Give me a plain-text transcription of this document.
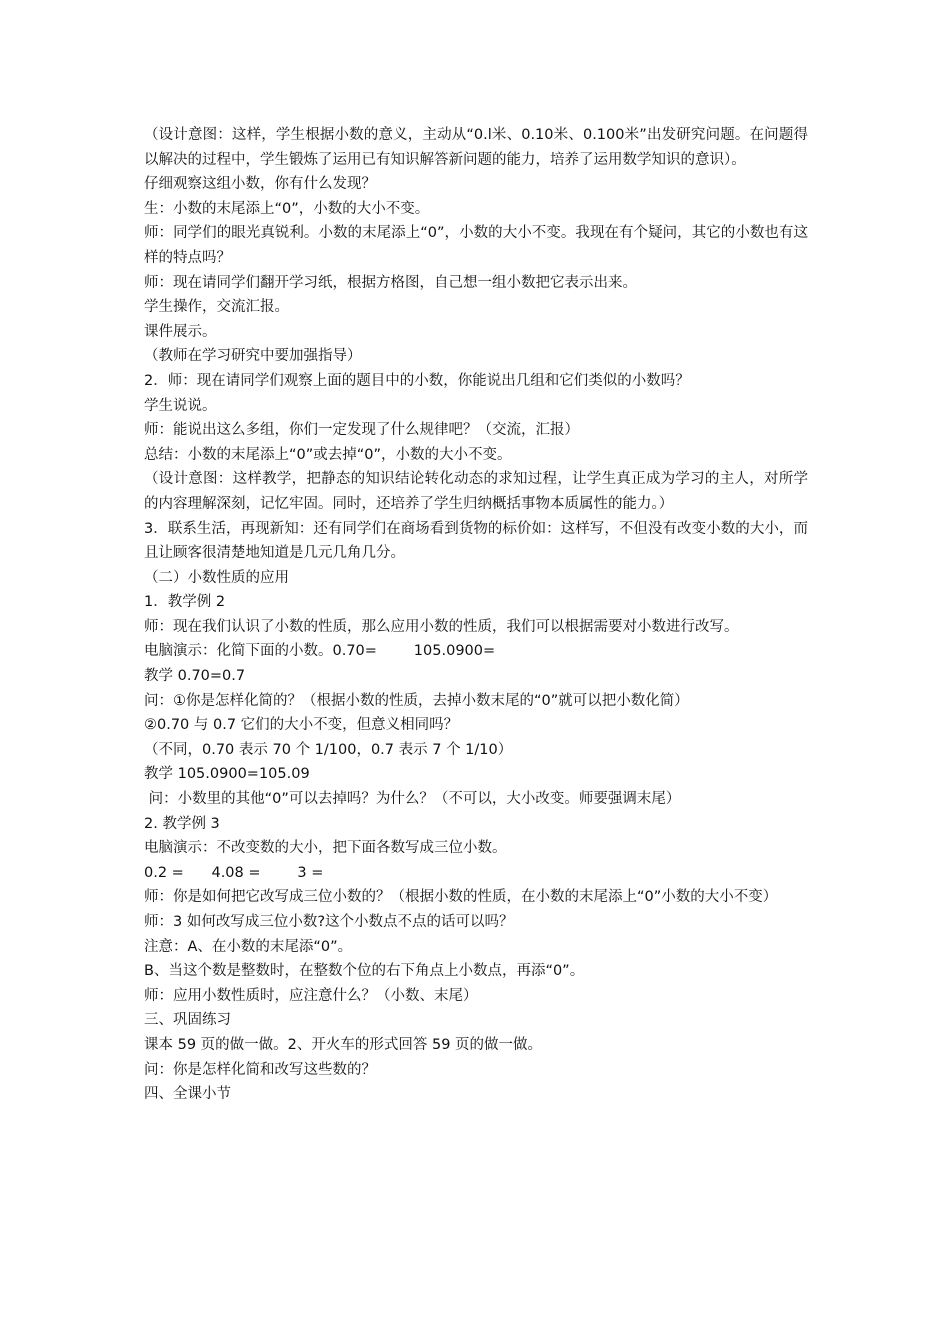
（设计意图：这样，学生根据小数的意义，主动从“0.l米、0.10米、0.100米”出发研究问题。在问题得以解决的过程中，学生锻炼了运用已有知识解答新问题的能力，培养了运用数学知识的意识）。

仔细观察这组小数，你有什么发现？

生：小数的末尾添上“0”，小数的大小不变。

师：同学们的眼光真锐利。小数的末尾添上“0”，小数的大小不变。我现在有个疑问，其它的小数也有这样的特点吗？

师：现在请同学们翻开学习纸，根据方格图，自己想一组小数把它表示出来。

学生操作，交流汇报。

课件展示。

（教师在学习研究中要加强指导）

2．师：现在请同学们观察上面的题目中的小数，你能说出几组和它们类似的小数吗？

学生说说。

师：能说出这么多组，你们一定发现了什么规律吧？（交流，汇报）

总结：小数的末尾添上“0”或去掉“0”，小数的大小不变。

（设计意图：这样教学，把静态的知识结论转化动态的求知过程，让学生真正成为学习的主人，对所学的内容理解深刻，记忆牢固。同时，还培养了学生归纳概括事物本质属性的能力。）

3．联系生活，再现新知：还有同学们在商场看到货物的标价如：这样写，不但没有改变小数的大小，而且让顾客很清楚地知道是几元几角几分。

（二）小数性质的应用

1．教学例 2

师：现在我们认识了小数的性质，那么应用小数的性质，我们可以根据需要对小数进行改写。

电脑演示：化简下面的小数。0.70=        105.0900=

教学 0.70=0.7

问：①你是怎样化简的？（根据小数的性质，去掉小数末尾的“0”就可以把小数化简）

②0.70 与 0.7 它们的大小不变，但意义相同吗？

（不同，0.70 表示 70 个 1/100，0.7 表示 7 个 1/10）

教学 105.0900=105.09

问：小数里的其他“0”可以去掉吗？为什么？（不可以，大小改变。师要强调末尾）

2. 教学例 3

电脑演示：不改变数的大小，把下面各数写成三位小数。

0.2 =      4.08 =        3 =

师：你是如何把它改写成三位小数的？（根据小数的性质，在小数的末尾添上“0”小数的大小不变）

师：3 如何改写成三位小数?这个小数点不点的话可以吗？

注意：A、在小数的末尾添“0”。

B、当这个数是整数时，在整数个位的右下角点上小数点，再添“0”。

师：应用小数性质时，应注意什么？（小数、末尾）

三、巩固练习

课本 59 页的做一做。2、开火车的形式回答 59 页的做一做。

问：你是怎样化简和改写这些数的？

四、全课小节
